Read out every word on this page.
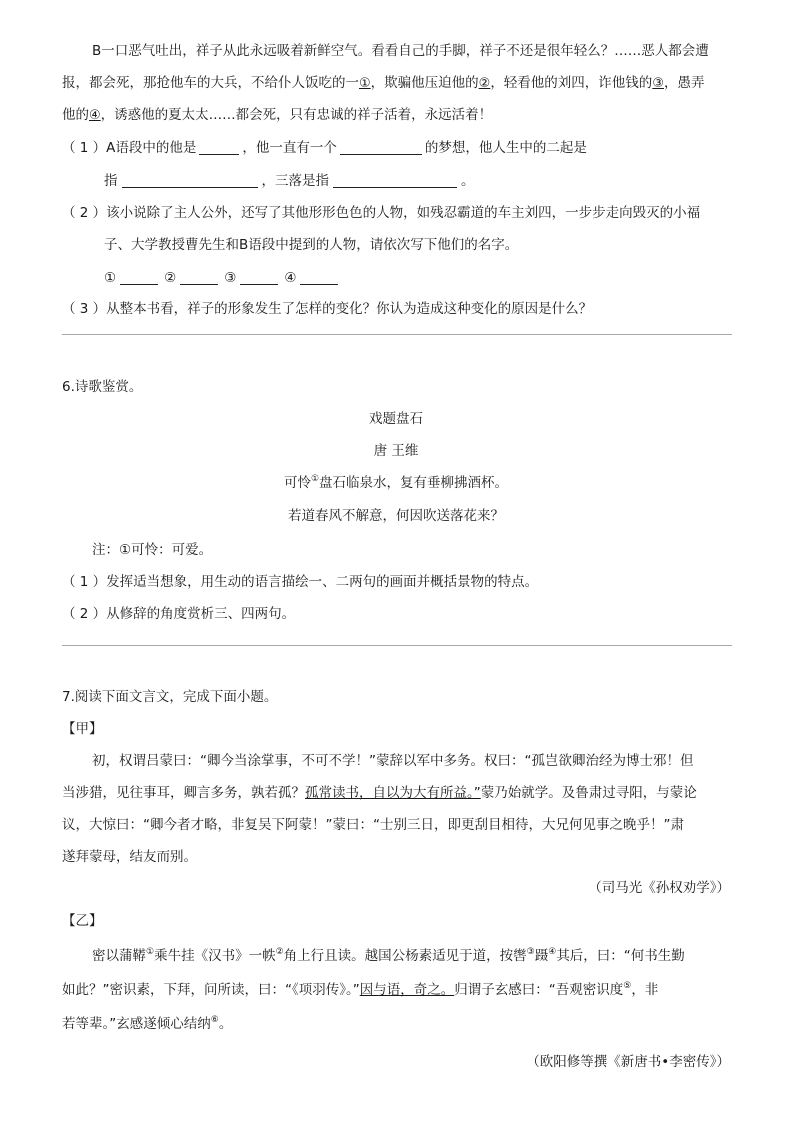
B一口恶气吐出，祥子从此永远吸着新鲜空气。看看自己的手脚，祥子不还是很年轻么？……恶人都会遭
报，都会死，那抢他车的大兵，不给仆人饭吃的一①，欺骗他压迫他的②，轻看他的刘四，诈他钱的③，愚弄
他的④，诱惑他的夏太太……都会死，只有忠诚的祥子活着，永远活着！
（ 1 ）A语段中的他是	，他一直有一个	的梦想，他人生中的二起是
指	，三落是指	。
（ 2 ）该小说除了主人公外，还写了其他形形色色的人物，如残忍霸道的车主刘四，一步步走向毁灭的小福
子、大学教授曹先生和B语段中提到的人物，请依次写下他们的名字。
①	②	③	④
（ 3 ）从整本书看，祥子的形象发生了怎样的变化？你认为造成这种变化的原因是什么？
6.诗歌鉴赏。
戏题盘石
唐 王维
可怜①盘石临泉水，复有垂柳拂酒杯。
若道春风不解意，何因吹送落花来？
注：①可怜：可爱。
（ 1 ）发挥适当想象，用生动的语言描绘一、二两句的画面并概括景物的特点。
（ 2 ）从修辞的角度赏析三、四两句。
7.阅读下面文言文，完成下面小题。
【甲】
初，权谓吕蒙曰：“卿今当涂掌事，不可不学！”蒙辞以军中多务。权曰：“孤岂欲卿治经为博士邪！但
当涉猎，见往事耳，卿言多务，孰若孤？孤常读书，自以为大有所益。”蒙乃始就学。及鲁肃过寻阳，与蒙论
议，大惊曰：“卿今者才略，非复吴下阿蒙！”蒙曰：“士别三日，即更刮目相待，大兄何见事之晚乎！”肃
遂拜蒙母，结友而别。
（司马光《孙权劝学》）
【乙】
密以蒲鞯①乘牛挂《汉书》一帙②角上行且读。越国公杨素适见于道，按辔③蹑④其后，曰：“何书生勤
如此？”密识素，下拜，问所读，曰：“《项羽传》。”因与语，奇之。归谓子玄感曰：“吾观密识度⑤，非
若等辈。”玄感遂倾心结纳⑥。
（欧阳修等撰《新唐书•李密传》）
